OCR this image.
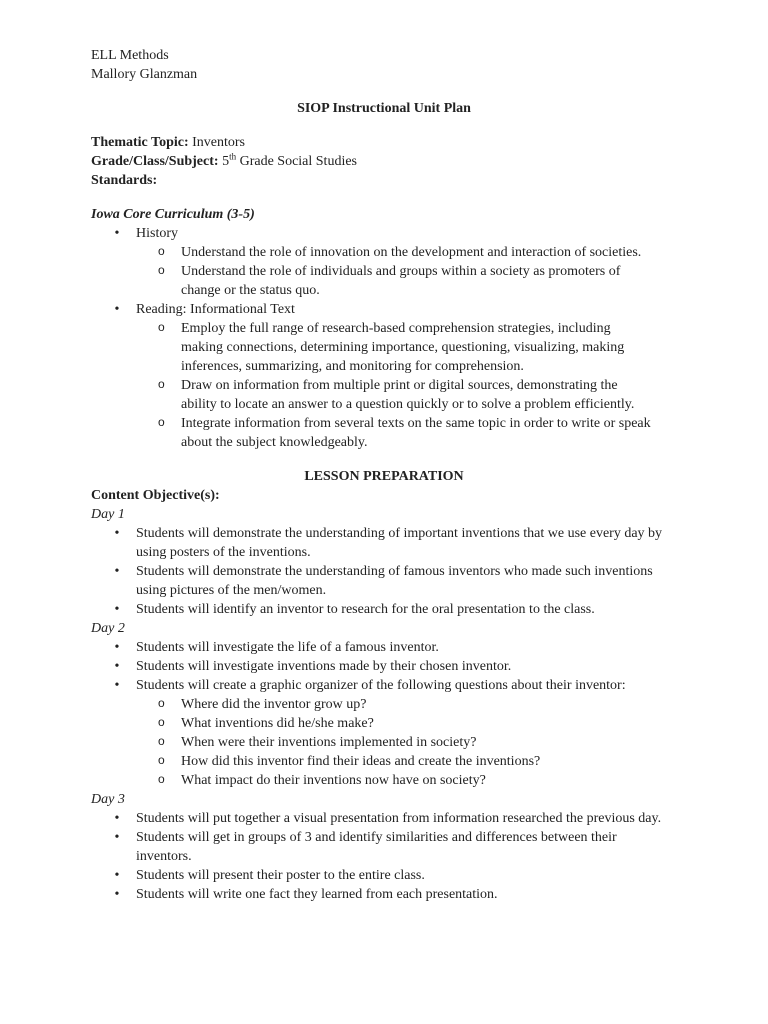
ELL Methods
Mallory Glanzman
SIOP Instructional Unit Plan
Thematic Topic: Inventors
Grade/Class/Subject: 5th Grade Social Studies
Standards:
Iowa Core Curriculum (3-5)
• History
o Understand the role of innovation on the development and interaction of societies.
o Understand the role of individuals and groups within a society as promoters of change or the status quo.
• Reading: Informational Text
o Employ the full range of research-based comprehension strategies, including making connections, determining importance, questioning, visualizing, making inferences, summarizing, and monitoring for comprehension.
o Draw on information from multiple print or digital sources, demonstrating the ability to locate an answer to a question quickly or to solve a problem efficiently.
o Integrate information from several texts on the same topic in order to write or speak about the subject knowledgeably.
LESSON PREPARATION
Content Objective(s):
Day 1
• Students will demonstrate the understanding of important inventions that we use every day by using posters of the inventions.
• Students will demonstrate the understanding of famous inventors who made such inventions using pictures of the men/women.
• Students will identify an inventor to research for the oral presentation to the class.
Day 2
• Students will investigate the life of a famous inventor.
• Students will investigate inventions made by their chosen inventor.
• Students will create a graphic organizer of the following questions about their inventor:
o Where did the inventor grow up?
o What inventions did he/she make?
o When were their inventions implemented in society?
o How did this inventor find their ideas and create the inventions?
o What impact do their inventions now have on society?
Day 3
• Students will put together a visual presentation from information researched the previous day.
• Students will get in groups of 3 and identify similarities and differences between their inventors.
• Students will present their poster to the entire class.
• Students will write one fact they learned from each presentation.
